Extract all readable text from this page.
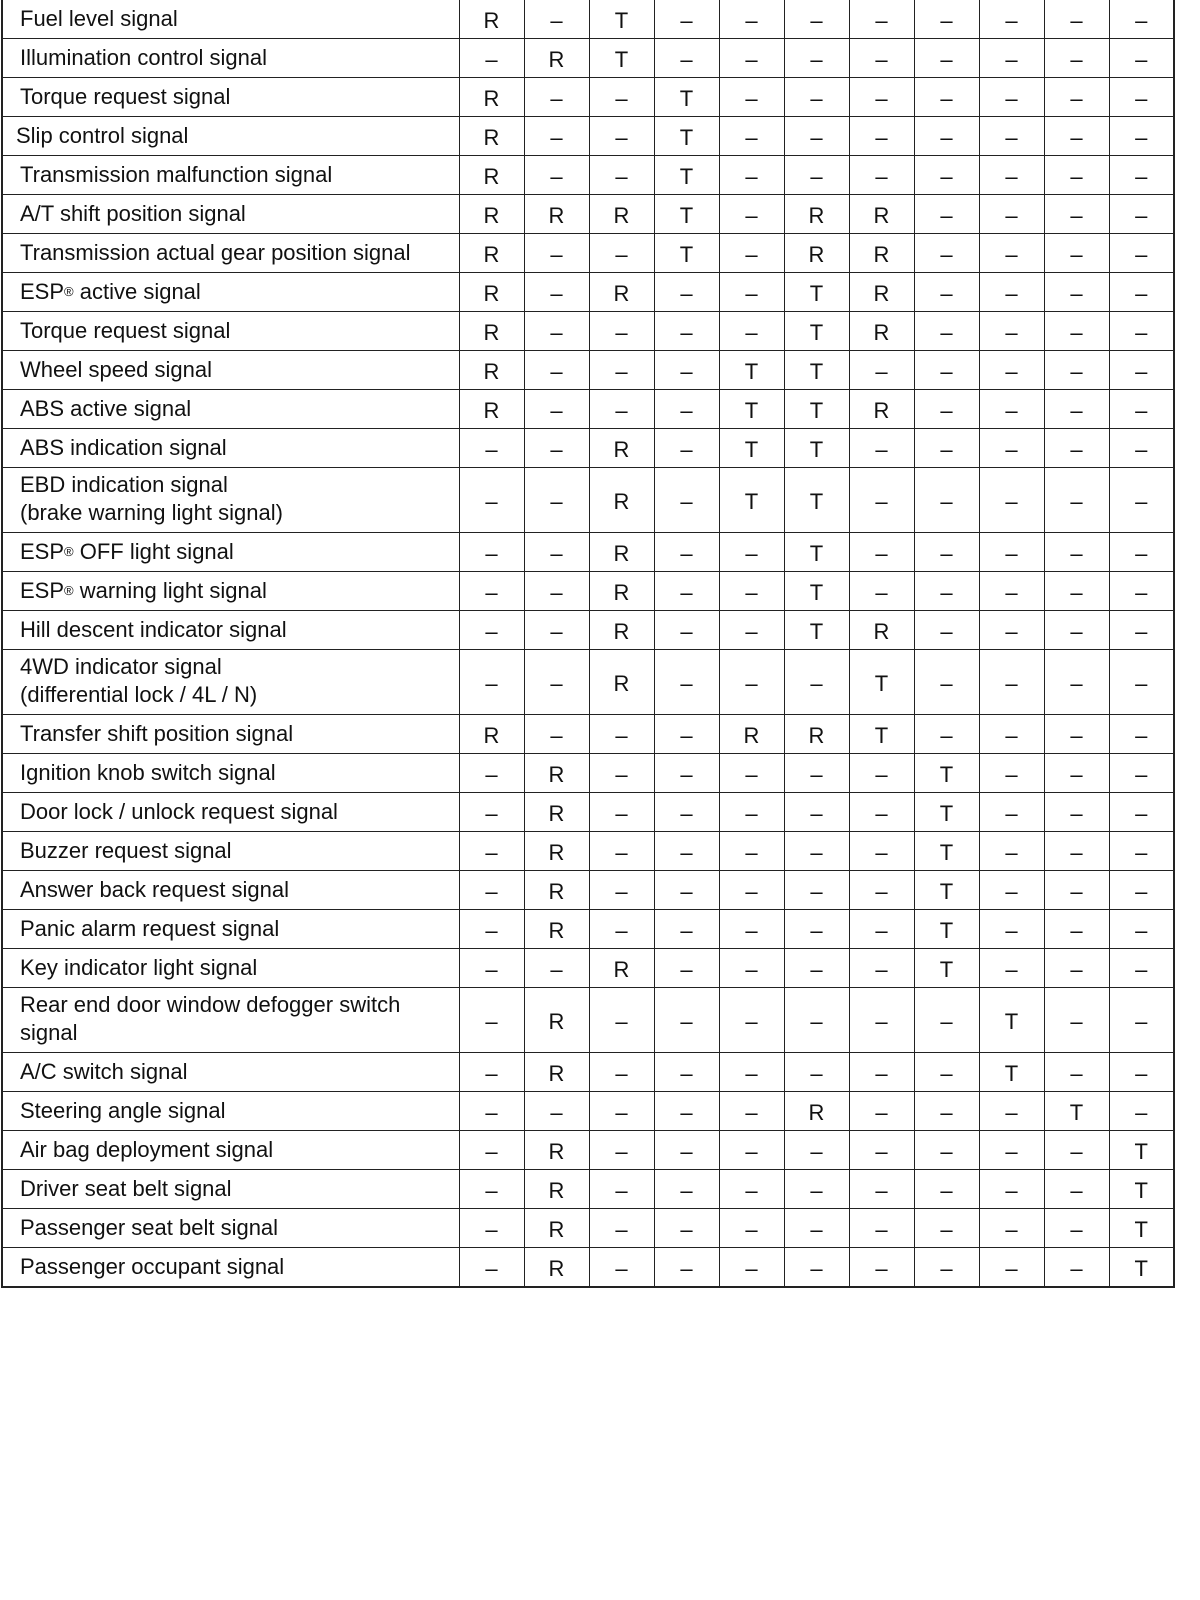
Fuel level signal	R	–	T	–	–	–	–	–	–	–	–
Illumination control signal	–	R	T	–	–	–	–	–	–	–	–
Torque request signal	R	–	–	T	–	–	–	–	–	–	–
Slip control signal	R	–	–	T	–	–	–	–	–	–	–
Transmission malfunction signal	R	–	–	T	–	–	–	–	–	–	–
A/T shift position signal	R	R	R	T	–	R	R	–	–	–	–
Transmission actual gear position signal	R	–	–	T	–	R	R	–	–	–	–
ESP® active signal	R	–	R	–	–	T	R	–	–	–	–
Torque request signal	R	–	–	–	–	T	R	–	–	–	–
Wheel speed signal	R	–	–	–	T	T	–	–	–	–	–
ABS active signal	R	–	–	–	T	T	R	–	–	–	–
ABS indication signal	–	–	R	–	T	T	–	–	–	–	–

EBD indication signal
(brake warning light signal)	–	–	R	–	T	T	–	–	–	–	–
ESP® OFF light signal	–	–	R	–	–	T	–	–	–	–	–
ESP® warning light signal	–	–	R	–	–	T	–	–	–	–	–
Hill descent indicator signal	–	–	R	–	–	T	R	–	–	–	–

4WD indicator signal
(differential lock / 4L / N)	–	–	R	–	–	–	T	–	–	–	–
Transfer shift position signal	R	–	–	–	R	R	T	–	–	–	–
Ignition knob switch signal	–	R	–	–	–	–	–	T	–	–	–
Door lock / unlock request signal	–	R	–	–	–	–	–	T	–	–	–
Buzzer request signal	–	R	–	–	–	–	–	T	–	–	–
Answer back request signal	–	R	–	–	–	–	–	T	–	–	–
Panic alarm request signal	–	R	–	–	–	–	–	T	–	–	–
Key indicator light signal	–	–	R	–	–	–	–	T	–	–	–

Rear end door window defogger switch
signal	–	R	–	–	–	–	–	–	T	–	–
A/C switch signal	–	R	–	–	–	–	–	–	T	–	–
Steering angle signal	–	–	–	–	–	R	–	–	–	T	–
Air bag deployment signal	–	R	–	–	–	–	–	–	–	–	T
Driver seat belt signal	–	R	–	–	–	–	–	–	–	–	T
Passenger seat belt signal	–	R	–	–	–	–	–	–	–	–	T
Passenger occupant signal	–	R	–	–	–	–	–	–	–	–	T
